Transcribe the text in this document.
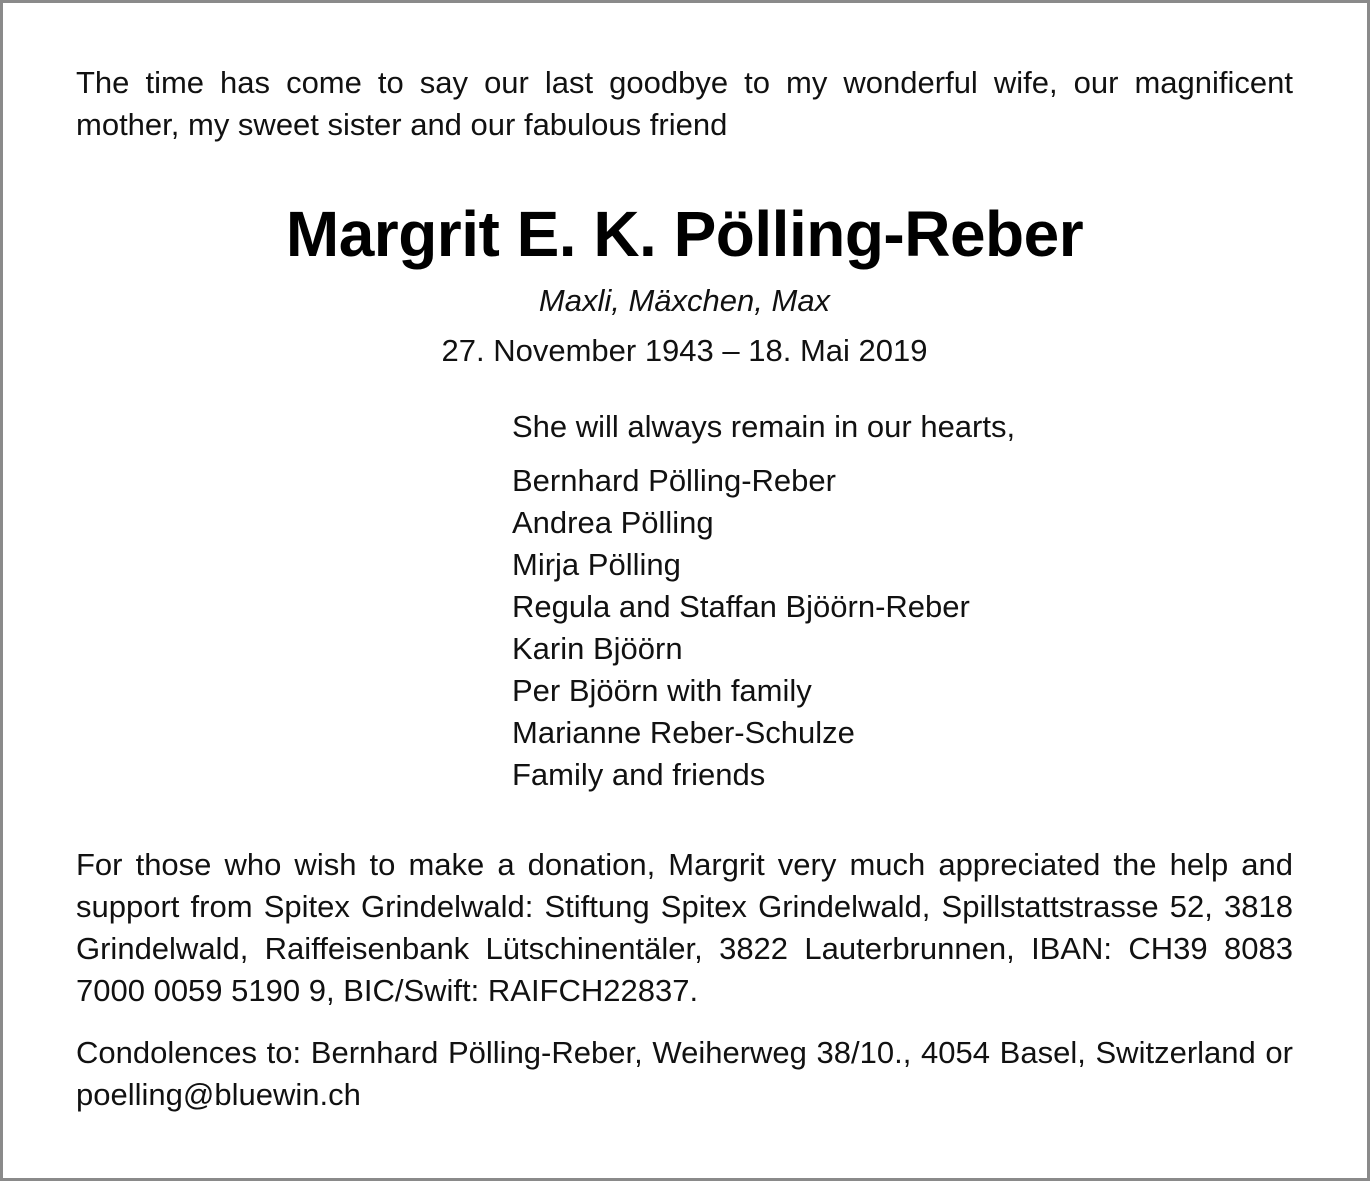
The time has come to say our last goodbye to my wonderful wife, our magnificent mother, my sweet sister and our fabulous friend

Margrit E. K. Pölling-Reber

Maxli, Mäxchen, Max

27. November 1943 – 18. Mai 2019

She will always remain in our hearts,

Bernhard Pölling-Reber
Andrea Pölling
Mirja Pölling
Regula and Staffan Bjöörn-Reber
Karin Bjöörn
Per Bjöörn with family
Marianne Reber-Schulze
Family and friends

For those who wish to make a donation, Margrit very much appreciated the help and support from Spitex Grindelwald: Stiftung Spitex Grindelwald, Spillstattstrasse 52, 3818 Grindelwald, Raiffeisenbank Lütschinentäler, 3822 Lauterbrunnen, IBAN: CH39 8083 7000 0059 5190 9, BIC/Swift: RAIFCH22837.

Condolences to: Bernhard Pölling-Reber, Weiherweg 38/10., 4054 Basel, Switzerland or poelling@bluewin.ch
